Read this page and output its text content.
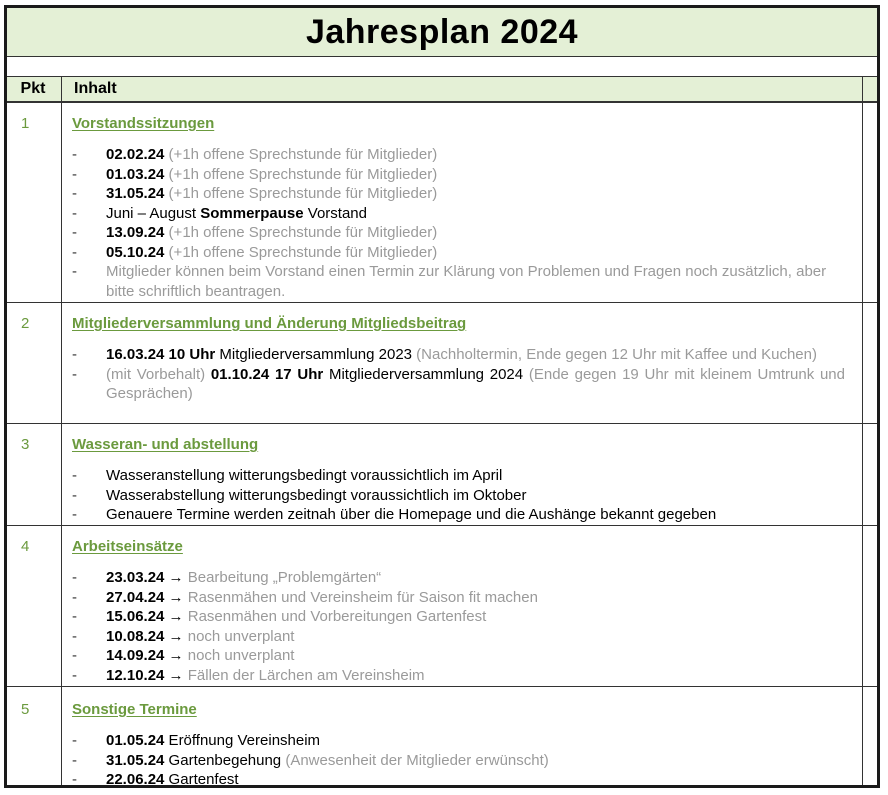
Jahresplan 2024
Pkt	Inhalt
1	Vorstandssitzungen
- 02.02.24 (+1h offene Sprechstunde für Mitglieder)
- 01.03.24 (+1h offene Sprechstunde für Mitglieder)
- 31.05.24 (+1h offene Sprechstunde für Mitglieder)
- Juni – August Sommerpause Vorstand
- 13.09.24 (+1h offene Sprechstunde für Mitglieder)
- 05.10.24 (+1h offene Sprechstunde für Mitglieder)
- Mitglieder können beim Vorstand einen Termin zur Klärung von Problemen und Fragen noch zusätzlich, aber bitte schriftlich beantragen.
2	Mitgliederversammlung und Änderung Mitgliedsbeitrag
- 16.03.24 10 Uhr Mitgliederversammlung 2023 (Nachholtermin, Ende gegen 12 Uhr mit Kaffee und Kuchen)
- (mit Vorbehalt) 01.10.24 17 Uhr Mitgliederversammlung 2024 (Ende gegen 19 Uhr mit kleinem Umtrunk und Gesprächen)
3	Wasseran- und abstellung
- Wasseranstellung witterungsbedingt voraussichtlich im April
- Wasserabstellung witterungsbedingt voraussichtlich im Oktober
- Genauere Termine werden zeitnah über die Homepage und die Aushänge bekannt gegeben
4	Arbeitseinsätze
- 23.03.24 → Bearbeitung „Problemgärten“
- 27.04.24 → Rasenmähen und Vereinsheim für Saison fit machen
- 15.06.24 → Rasenmähen und Vorbereitungen Gartenfest
- 10.08.24 → noch unverplant
- 14.09.24 → noch unverplant
- 12.10.24 → Fällen der Lärchen am Vereinsheim
5	Sonstige Termine
- 01.05.24 Eröffnung Vereinsheim
- 31.05.24 Gartenbegehung (Anwesenheit der Mitglieder erwünscht)
- 22.06.24 Gartenfest
